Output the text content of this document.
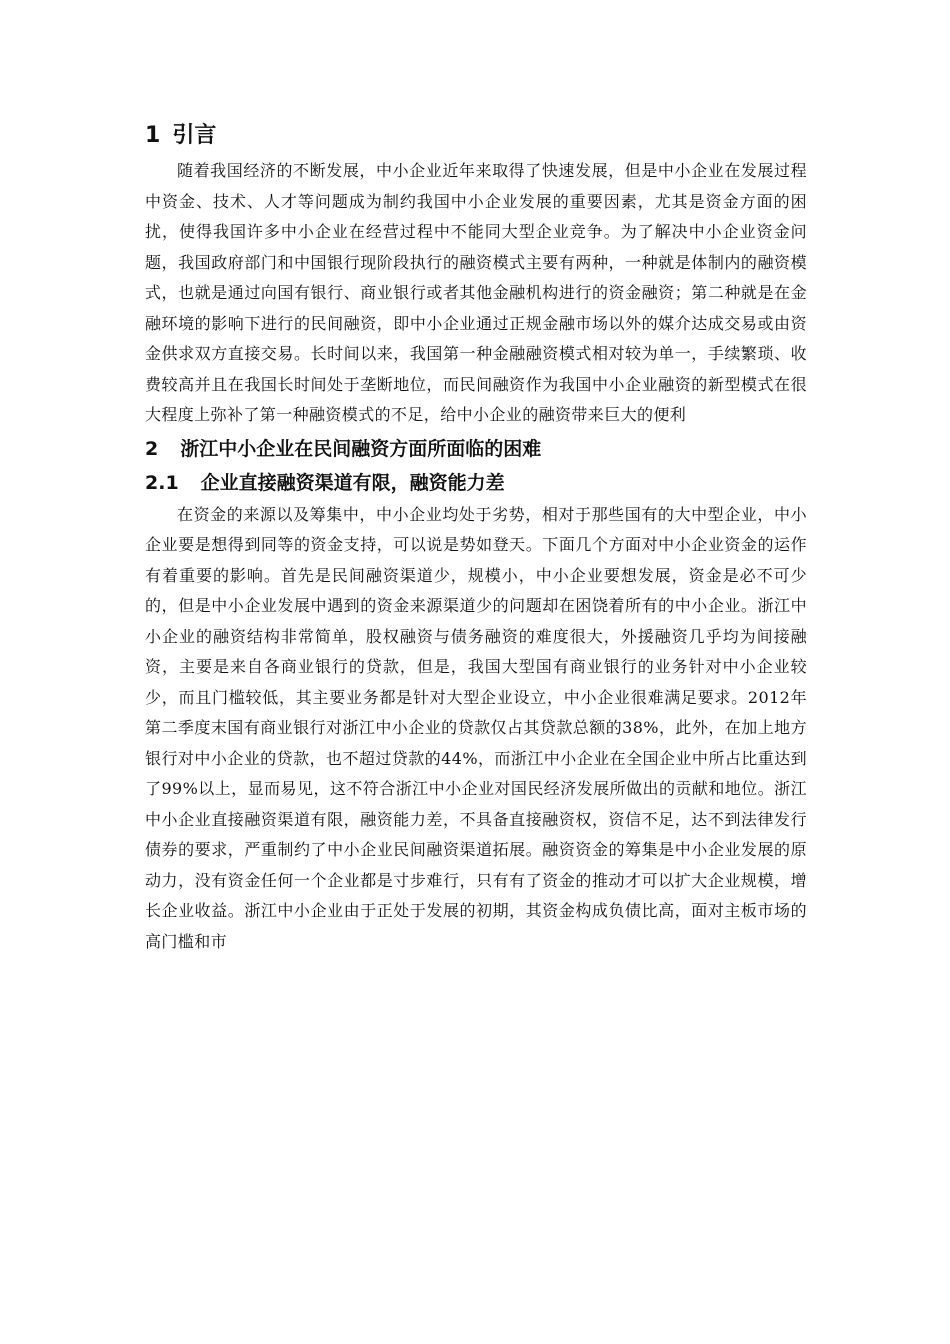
1 引言

随着我国经济的不断发展，中小企业近年来取得了快速发展，但是中小企业在发展过程中资金、技术、人才等问题成为制约我国中小企业发展的重要因素，尤其是资金方面的困扰，使得我国许多中小企业在经营过程中不能同大型企业竞争。为了解决中小企业资金问题，我国政府部门和中国银行现阶段执行的融资模式主要有两种，一种就是体制内的融资模式，也就是通过向国有银行、商业银行或者其他金融机构进行的资金融资；第二种就是在金融环境的影响下进行的民间融资，即中小企业通过正规金融市场以外的媒介达成交易或由资金供求双方直接交易。长时间以来，我国第一种金融融资模式相对较为单一，手续繁琐、收费较高并且在我国长时间处于垄断地位，而民间融资作为我国中小企业融资的新型模式在很大程度上弥补了第一种融资模式的不足，给中小企业的融资带来巨大的便利

2 浙江中小企业在民间融资方面所面临的困难
2.1 企业直接融资渠道有限，融资能力差

在资金的来源以及筹集中，中小企业均处于劣势，相对于那些国有的大中型企业，中小企业要是想得到同等的资金支持，可以说是势如登天。下面几个方面对中小企业资金的运作有着重要的影响。首先是民间融资渠道少，规模小，中小企业要想发展，资金是必不可少的，但是中小企业发展中遇到的资金来源渠道少的问题却在困饶着所有的中小企业。浙江中小企业的融资结构非常简单，股权融资与债务融资的难度很大，外援融资几乎均为间接融资，主要是来自各商业银行的贷款，但是，我国大型国有商业银行的业务针对中小企业较少，而且门槛较低，其主要业务都是针对大型企业设立，中小企业很难满足要求。2012年第二季度末国有商业银行对浙江中小企业的贷款仅占其贷款总额的38%，此外，在加上地方银行对中小企业的贷款，也不超过贷款的44%，而浙江中小企业在全国企业中所占比重达到了99%以上，显而易见，这不符合浙江中小企业对国民经济发展所做出的贡献和地位。浙江中小企业直接融资渠道有限，融资能力差，不具备直接融资权，资信不足，达不到法律发行债券的要求，严重制约了中小企业民间融资渠道拓展。融资资金的筹集是中小企业发展的原动力，没有资金任何一个企业都是寸步难行，只有有了资金的推动才可以扩大企业规模，增长企业收益。浙江中小企业由于正处于发展的初期，其资金构成负债比高，面对主板市场的高门槛和市
